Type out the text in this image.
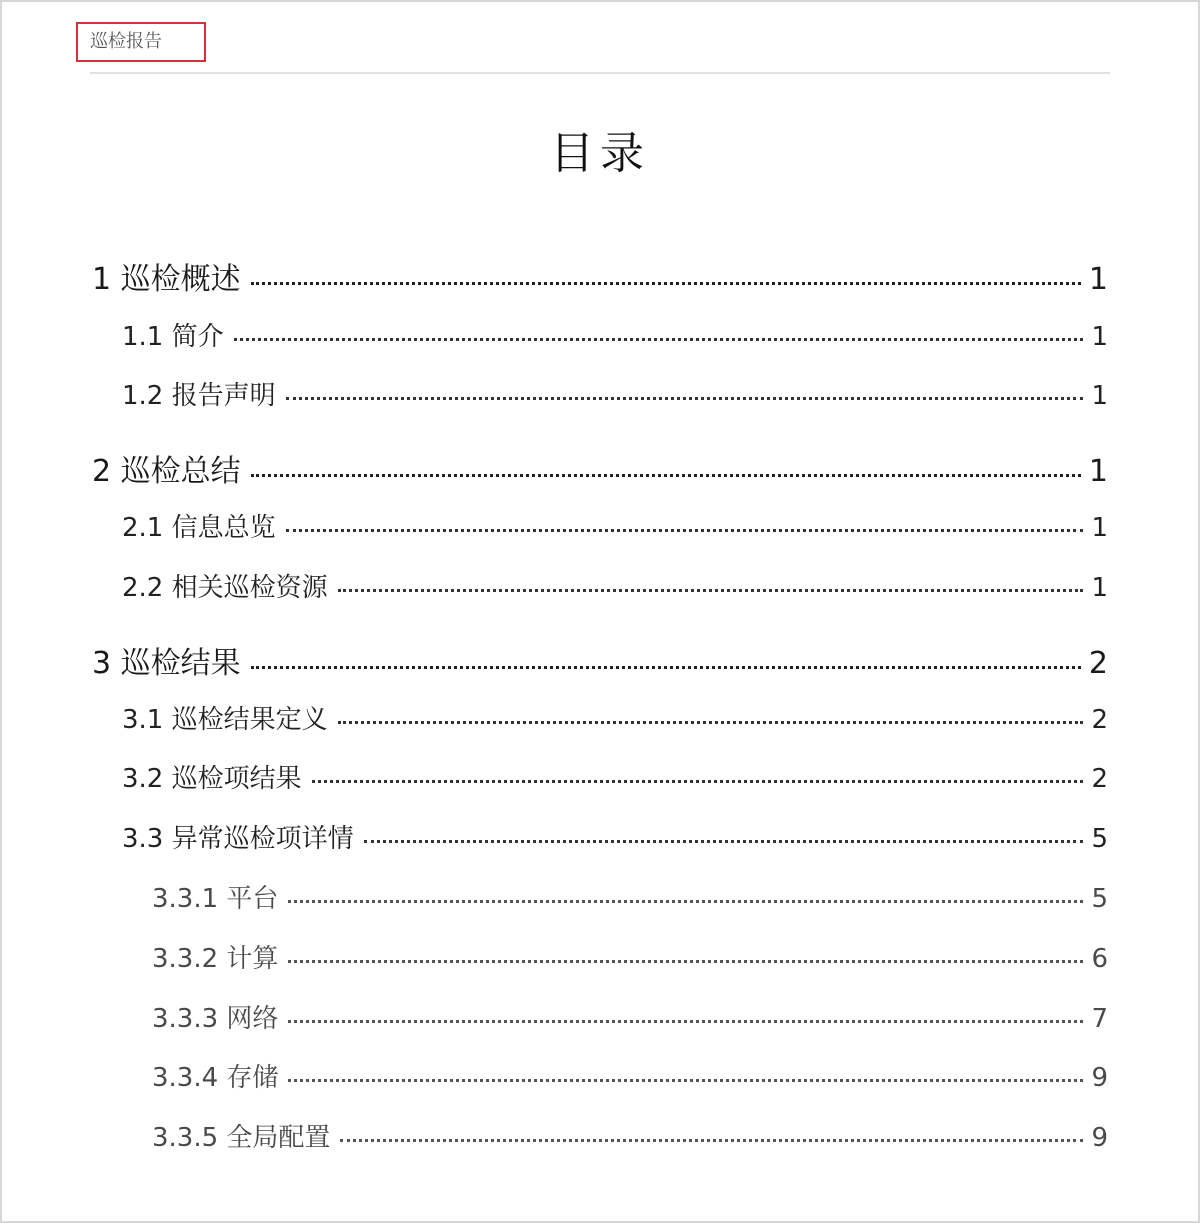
巡检报告
目录
1 巡检概述	1
1.1 简介	1
1.2 报告声明	1
2 巡检总结	1
2.1 信息总览	1
2.2 相关巡检资源	1
3 巡检结果	2
3.1 巡检结果定义	2
3.2 巡检项结果	2
3.3 异常巡检项详情	5
3.3.1 平台	5
3.3.2 计算	6
3.3.3 网络	7
3.3.4 存储	9
3.3.5 全局配置	9
